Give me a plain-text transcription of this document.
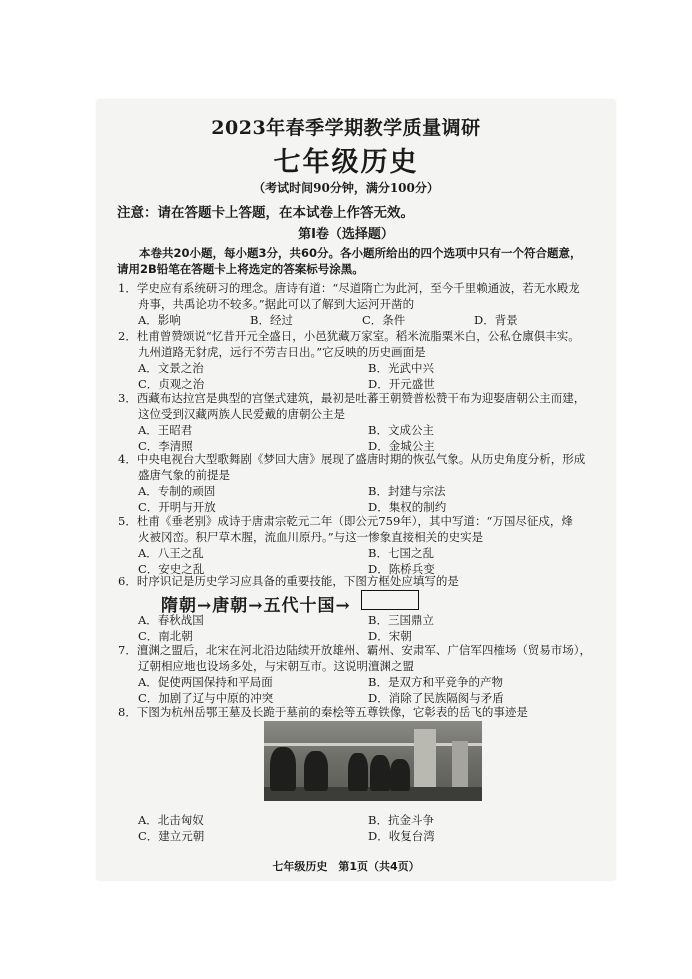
2023年春季学期教学质量调研
七年级历史
（考试时间90分钟，满分100分）
注意：请在答题卡上答题，在本试卷上作答无效。
第Ⅰ卷（选择题）
本卷共20小题，每小题3分，共60分。各小题所给出的四个选项中只有一个符合题意，
请用2B铅笔在答题卡上将选定的答案标号涂黑。
1．学史应有系统研习的理念。唐诗有道：“尽道隋亡为此河，至今千里赖通波，若无水殿龙
舟事，共禹论功不较多。”据此可以了解到大运河开凿的
A．影响	B．经过	C．条件	D．背景
2．杜甫曾赞颂说“忆昔开元全盛日，小邑犹藏万家室。稻米流脂粟米白，公私仓廪俱丰实。
九州道路无豺虎，远行不劳吉日出。”它反映的历史画面是
A．文景之治	B．光武中兴
C．贞观之治	D．开元盛世
3．西藏布达拉宫是典型的宫堡式建筑，最初是吐蕃王朝赞普松赞干布为迎娶唐朝公主而建，
这位受到汉藏两族人民爱戴的唐朝公主是
A．王昭君	B．文成公主
C．李清照	D．金城公主
4．中央电视台大型歌舞剧《梦回大唐》展现了盛唐时期的恢弘气象。从历史角度分析，形成
盛唐气象的前提是
A．专制的顽固	B．封建与宗法
C．开明与开放	D．集权的制约
5．杜甫《垂老别》成诗于唐肃宗乾元二年（即公元759年），其中写道：“万国尽征戍，烽
火被冈峦。积尸草木腥，流血川原丹。”与这一惨象直接相关的史实是
A．八王之乱	B．七国之乱
C．安史之乱	D．陈桥兵变
6．时序识记是历史学习应具备的重要技能，下图方框处应填写的是
隋朝→唐朝→五代十国→
A．春秋战国	B．三国鼎立
C．南北朝	D．宋朝
7．澶渊之盟后，北宋在河北沿边陆续开放雄州、霸州、安肃军、广信军四榷场（贸易市场），
辽朝相应地也设场多处，与宋朝互市。这说明澶渊之盟
A．促使两国保持和平局面	B．是双方和平竞争的产物
C．加剧了辽与中原的冲突	D．消除了民族隔阂与矛盾
8．下图为杭州岳鄂王墓及长跪于墓前的秦桧等五尊铁像，它彰表的岳飞的事迹是
A．北击匈奴	B．抗金斗争
C．建立元朝	D．收复台湾
七年级历史　第1页（共4页）
